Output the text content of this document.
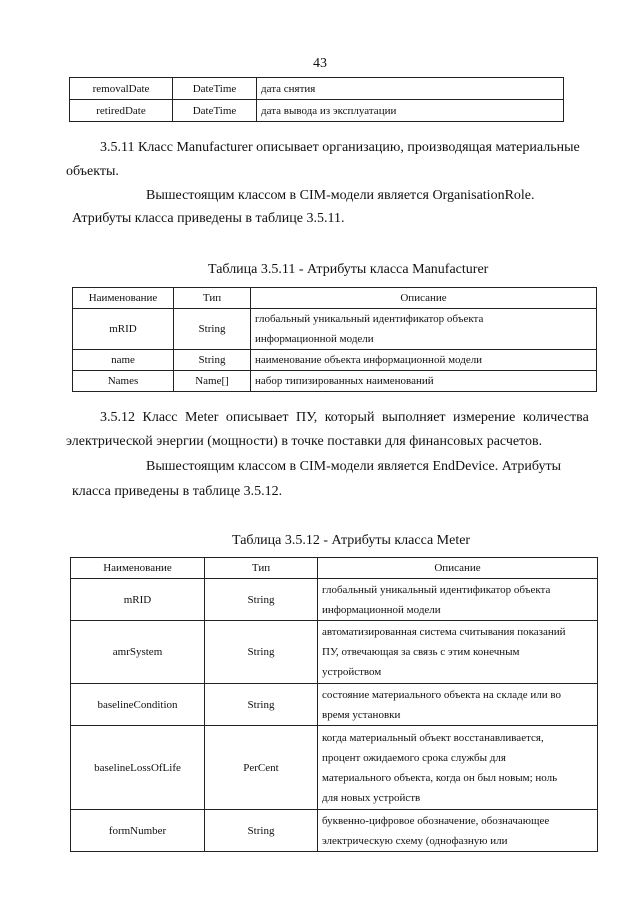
43
removalDate	DateTime	дата снятия
retiredDate	DateTime	дата вывода из эксплуатации

3.5.11 Класс Manufacturer описывает организацию, производящая материальные

объекты.

Вышестоящим классом в CIM-модели является OrganisationRole.

Атрибуты класса приведены в таблице 3.5.11.

Таблица 3.5.11 - Атрибуты класса Manufacturer

Наименование	Тип	Описание
mRID	String	глобальный уникальный идентификатор объекта
информационной модели

name	String	наименование объекта информационной модели
Names	Name[]	набор типизированных наименований

3.5.12 Класс Meter описывает ПУ, который выполняет измерение количества

электрической энергии (мощности) в точке поставки для финансовых расчетов.

Вышестоящим классом в CIM-модели является EndDevice. Атрибуты

класса приведены в таблице 3.5.12.

Таблица 3.5.12 - Атрибуты класса Meter

Наименование	Тип	Описание
mRID	String	глобальный уникальный идентификатор объекта
информационной модели

amrSystem	String	автоматизированная система считывания показаний
ПУ, отвечающая за связь с этим конечным
устройством

baselineCondition	String	состояние материального объекта на складе или во
время установки

baselineLossOfLife	PerCent	когда материальный объект восстанавливается,
процент ожидаемого срока службы для
материального объекта, когда он был новым; ноль
для новых устройств

formNumber	String	буквенно-цифровое обозначение, обозначающее
электрическую схему (однофазную или
